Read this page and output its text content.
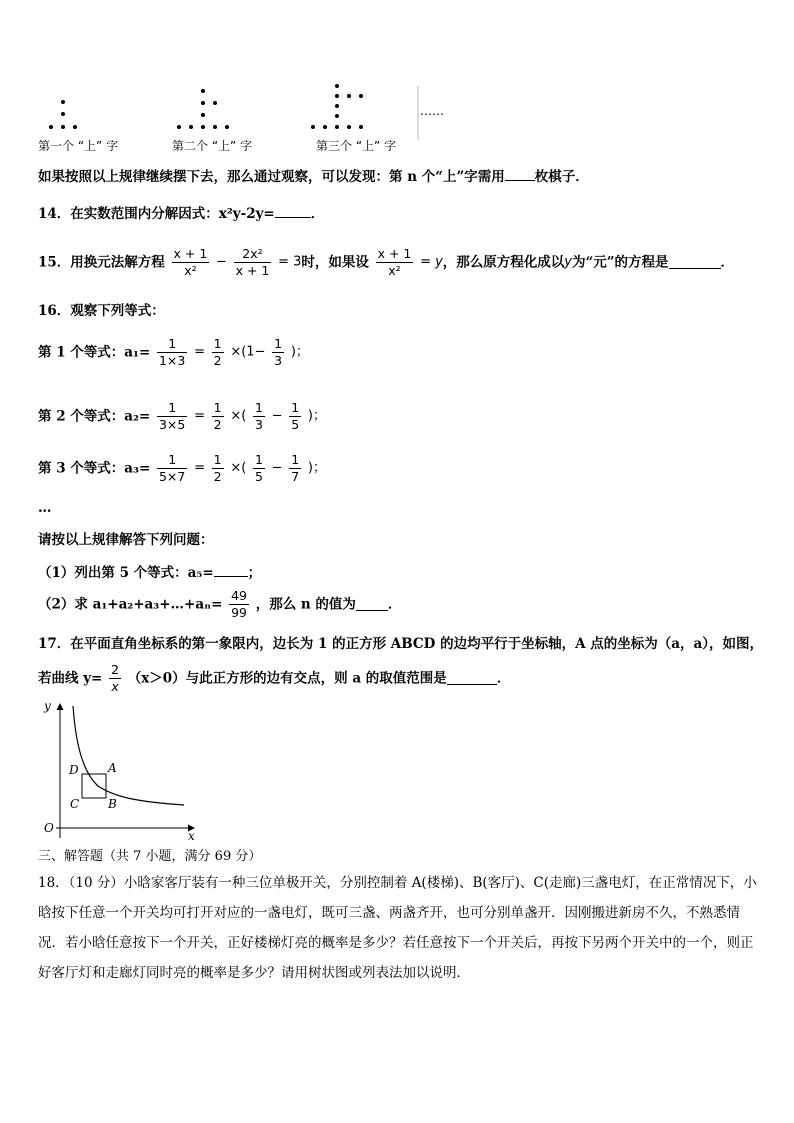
第一个 “上” 字	第二个 “上” 字	第三个 “上” 字
……
如果按照以上规律继续摆下去，那么通过观察，可以发现：第 n 个“上”字需用 枚棋子．
14．在实数范围内分解因式：x²y-2y=	．
15．用换元法解方程 $\frac{x + 1}{\text{x²}} - \frac{\text{2x²}}{x + 1} = 3$时，如果设 $\frac{x + 1}{\text{x²}} = y$，那么原方程化成以y为“元”的方程是	．
16．观察下列等式：
第 1 个等式：$a_1= \frac{1}{1\times 3} = \frac{1}{2} \times(1- \frac{1}{3}$ )；
第 2 个等式：$a_2= \frac{1}{3\times 5} = \frac{1}{2}$ ×( $\frac{1}{3} - \frac{1}{5}$ )；
第 3 个等式：$a_3= \frac{1}{5\times 7} = \frac{1}{2}$ ×( $\frac{1}{5} - \frac{1}{7}$ )；
…
请按以上规律解答下列问题：
（1）列出第 5 个等式：a₅=	；
（2）求 a₁+a₂+a₃+…+aₙ= $\frac{49}{99}$ ，那么 n 的值为 ．
17．在平面直角坐标系的第一象限内，边长为 1 的正方形 ABCD 的边均平行于坐标轴，A 点的坐标为（a，a），如图，
若曲线 $y= \frac{2}{x} (x>0)$与此正方形的边有交点，则 a 的取值范围是	．
y
x
O
A
B
C
D
三、解答题（共 7 小题，满分 69 分）
18．（10 分）小晗家客厅装有一种三位单极开关，分别控制着 A(楼梯)、B(客厅)、C(走廊)三盏电灯，在正常情况下，小晗按下任意一个开关均可打开对应的一盏电灯，既可三盏、两盏齐开，也可分别单盏开．因刚搬进新房不久，不熟悉情况．若小晗任意按下一个开关，正好楼梯灯亮的概率是多少？若任意按下一个开关后，再按下另两个开关中的一个，则正好客厅灯和走廊灯同时亮的概率是多少？请用树状图或列表法加以说明．
